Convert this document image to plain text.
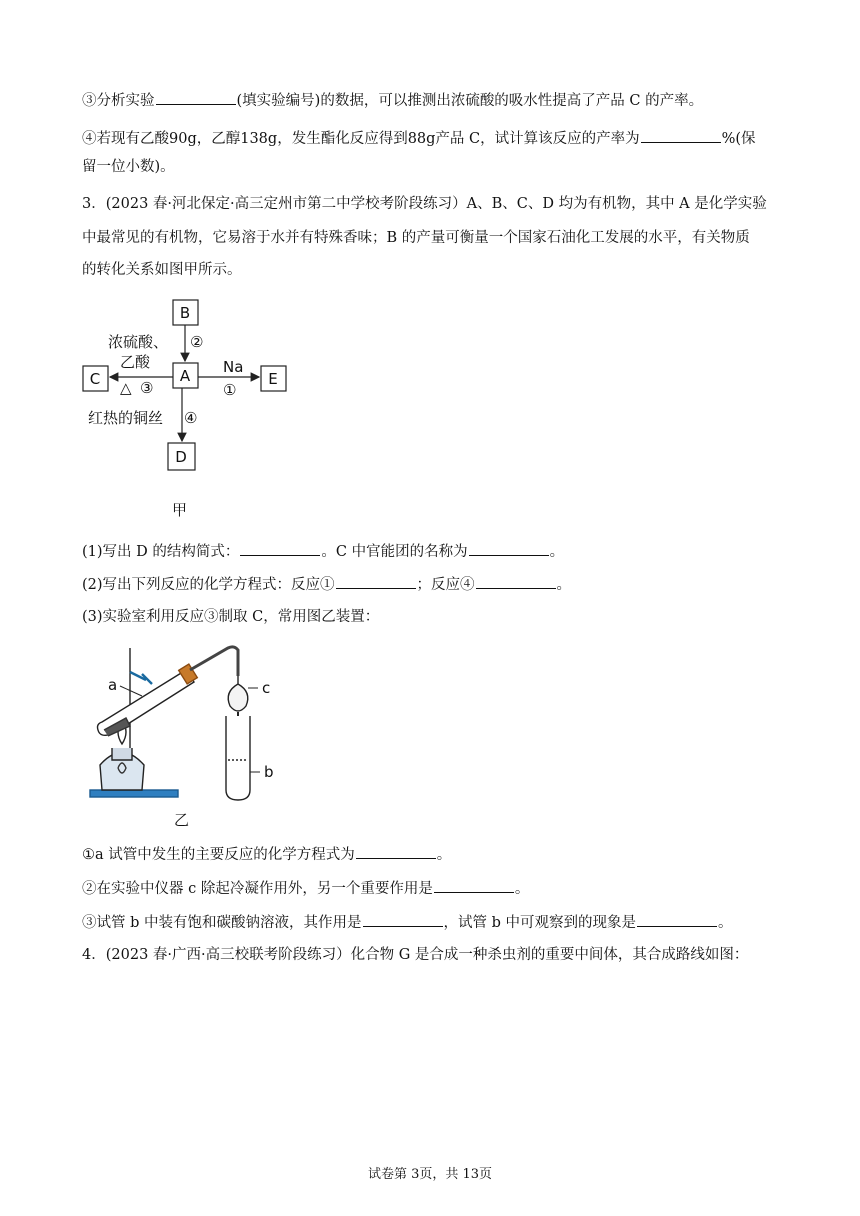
③分析实验	(填实验编号)的数据，可以推测出浓硫酸的吸水性提高了产品 C 的产率。
④若现有乙酸90g，乙醇138g，发生酯化反应得到88g产品 C，试计算该反应的产率为	%(保
留一位小数)。
3．(2023 春·河北保定·高三定州市第二中学校考阶段练习）A、B、C、D 均为有机物，其中 A 是化学实验
中最常见的有机物，它易溶于水并有特殊香味；B 的产量可衡量一个国家石油化工发展的水平，有关物质
的转化关系如图甲所示。
B
A
C	E
D
②
浓硫酸、
乙酸
△ ③
Na
①
红热的铜丝 ④
甲
(1)写出 D 的结构简式：	。C 中官能团的名称为	。
(2)写出下列反应的化学方程式：反应①	；反应④	。
(3)实验室利用反应③制取 C，常用图乙装置：
a	c
b
乙
①a 试管中发生的主要反应的化学方程式为	。
②在实验中仪器 c 除起冷凝作用外，另一个重要作用是	。
③试管 b 中装有饱和碳酸钠溶液，其作用是	，试管 b 中可观察到的现象是	。
4．(2023 春·广西·高三校联考阶段练习）化合物 G 是合成一种杀虫剂的重要中间体，其合成路线如图：
试卷第 3页，共 13页
